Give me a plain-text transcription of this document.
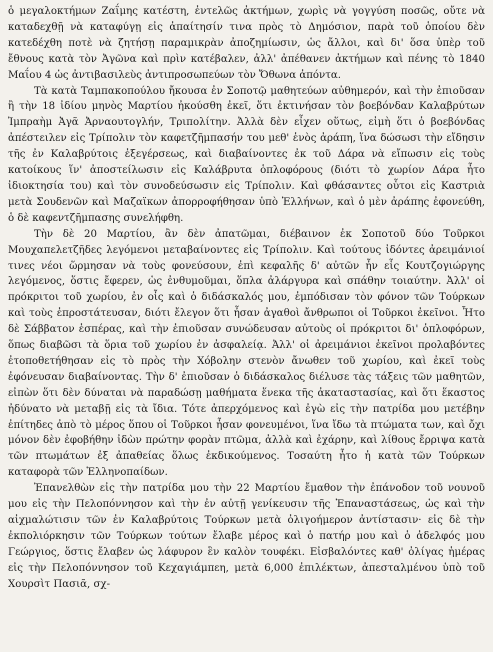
ὁ μεγαλοκτήμων Ζαΐμης κατέστη, ἐντελῶς ἀκτήμων, χωρὶς νὰ γογγύση ποσῶς, οὔτε νὰ καταδεχθῇ νὰ καταφύγῃ εἰς ἀπαίτησίν τινα πρὸς τὸ Δημόσιον, παρὰ τοῦ ὁποίου δὲν κατεδέχθη ποτὲ νὰ ζητήσῃ παραμικρὰν ἀποζημίωσιν, ὡς ἄλλοι, καὶ δι' ὅσα ὑπὲρ τοῦ ἔθνους κατὰ τὸν Ἀγῶνα καὶ πρὶν κατέβαλεν, ἀλλ' ἀπέθανεν ἀκτήμων καὶ πένης τὸ 1840 Μαΐου 4 ὡς ἀντιβασιλεὺς ἀντιπροσωπεύων τὸν Ὄθωνα ἀπόντα.

Τὰ κατὰ Ταμπακοπούλου ἤκουσα ἐν Σοποτῷ μαθητεύων αὐθημερόν, καὶ τὴν ἐπιοῦσαν ἢ τὴν 18 ἰδίου μηνὸς Μαρτίου ἠκούσθη ἐκεῖ, ὅτι ἐκτινήσαν τὸν βοεβόνδαν Καλαβρύτων Ἰμπραὴμ Ἀγᾶ Ἀρναουτογλήν, Τριπολίτην. Ἀλλὰ δὲν εἶχεν οὕτως, εἰμὴ ὅτι ὁ βοεβόνδας ἀπέστειλεν εἰς Τρίπολιν τὸν καφετζῆμπασήν του μεθ' ἑνὸς ἀράπη, ἵνα δώσωσι τὴν εἴδησιν τῆς ἐν Καλαβρύτοις ἐξεγέρσεως, καὶ διαβαίνοντες ἐκ τοῦ Δάρα νὰ εἴπωσιν εἰς τοὺς κατοίκους ἵν' ἀποστείλωσιν εἰς Καλάβρυτα ὁπλοφόρους (διότι τὸ χωρίον Δάρα ἦτο ἰδιοκτησία του) καὶ τὸν συνοδεύσωσιν εἰς Τρίπολιν. Καὶ φθάσαντες οὗτοι εἰς Καστριὰ μετὰ Σουδενῶν καὶ Μαζαϊκων ἀπορροφήθησαν ὑπὸ Ἑλλήνων, καὶ ὁ μὲν ἀράπης ἐφονεύθη, ὁ δὲ καφεντζῆμπασης συνελήφθη.

Τὴν δὲ 20 Μαρτίου, ἂν δὲν ἀπατῶμαι, διέβαινον ἐκ Σοποτοῦ δύο Τοῦρκοι Μουχαπελετζῆδες λεγόμενοι μεταβαίνοντες εἰς Τρίπολιν. Καὶ τούτους ἰδόντες ἀρειμάνιοί τινες νέοι ὥρμησαν νὰ τοὺς φονεύσουν, ἐπὶ κεφαλῆς δ' αὐτῶν ἦν εἷς Κουτζογιώργης λεγόμενος, ὅστις ἔφερεν, ὡς ἐνθυμοῦμαι, ὅπλα ἀλάργυρα καὶ σπάθην τοιαύτην. Ἀλλ' οἱ πρόκριτοι τοῦ χωρίου, ἐν οἷς καὶ ὁ διδάσκαλός μου, ἐμπόδισαν τὸν φόνον τῶν Τούρκων καὶ τοὺς ἐπροστάτευσαν, διότι ἔλεγον ὅτι ἦσαν ἀγαθοὶ ἄνθρωποι οἱ Τοῦρκοι ἐκεῖνοι. Ἦτο δὲ Σάββατον ἑσπέρας, καὶ τὴν ἐπιοῦσαν συνώδευσαν αὐτοὺς οἱ πρόκριτοι δι' ὁπλοφόρων, ὅπως διαβῶσι τὰ ὅρια τοῦ χωρίου ἐν ἀσφαλείᾳ. Ἀλλ' οἱ ἀρειμάνιοι ἐκεῖνοι προλαβόντες ἐτοποθετήθησαν εἰς τὸ πρὸς τὴν Χόβολην στενὸν ἄνωθεν τοῦ χωρίου, καὶ ἐκεῖ τοὺς ἐφόνευσαν διαβαίνοντας. Τὴν δ' ἐπιοῦσαν ὁ διδάσκαλος διέλυσε τὰς τάξεις τῶν μαθητῶν, εἰπὼν ὅτι δὲν δύναται νὰ παραδώσῃ μαθήματα ἕνεκα τῆς ἀκαταστασίας, καὶ ὅτι ἕκαστος ἠδύνατο νὰ μεταβῇ εἰς τὰ ἴδια. Τότε ἀπερχόμενος καὶ ἐγὼ εἰς τὴν πατρίδα μου μετέβην ἐπίτηδες ἀπὸ τὸ μέρος ὅπου οἱ Τοῦρκοι ἦσαν φονευμένοι, ἵνα ἴδω τὰ πτώματα των, καὶ ὄχι μόνον δὲν ἐφοβήθην ἰδὼν πρώτην φορὰν πτῶμα, ἀλλὰ καὶ ἐχάρην, καὶ λίθους ἔρριψα κατὰ τῶν πτωμάτων ἐξ ἀπαθείας ὅλως ἐκδικούμενος. Τοσαύτη ἦτο ἡ κατὰ τῶν Τούρκων καταφορὰ τῶν Ἑλληνοπαίδων.

Ἐπανελθὼν εἰς τὴν πατρίδα μου τὴν 22 Μαρτίου ἔμαθον τὴν ἐπάνοδον τοῦ νουνοῦ μου εἰς τὴν Πελοπόννησον καὶ τὴν ἐν αὐτῇ γενίκευσιν τῆς Ἐπαναστάσεως, ὡς καὶ τὴν αἰχμαλώτισιν τῶν ἐν Καλαβρύτοις Τούρκων μετὰ ὀλιγοήμερον ἀντίστασιν· εἰς δὲ τὴν ἐκπολιόρκησιν τῶν Τούρκων τούτων ἔλαβε μέρος καὶ ὁ πατήρ μου καὶ ὁ ἀδελφός μου Γεώργιος, ὅστις ἔλαβεν ὡς λάφυρον ἓν καλὸν τουφέκι. Εἰσβαλόντες καθ' ὀλίγας ἡμέρας εἰς τὴν Πελοπόννησον τοῦ Κεχαγιάμπεη, μετὰ 6,000 ἐπιλέκτων, ἀπεσταλμένου ὑπὸ τοῦ Χουρσὶτ Πασιᾶ, σχ-
